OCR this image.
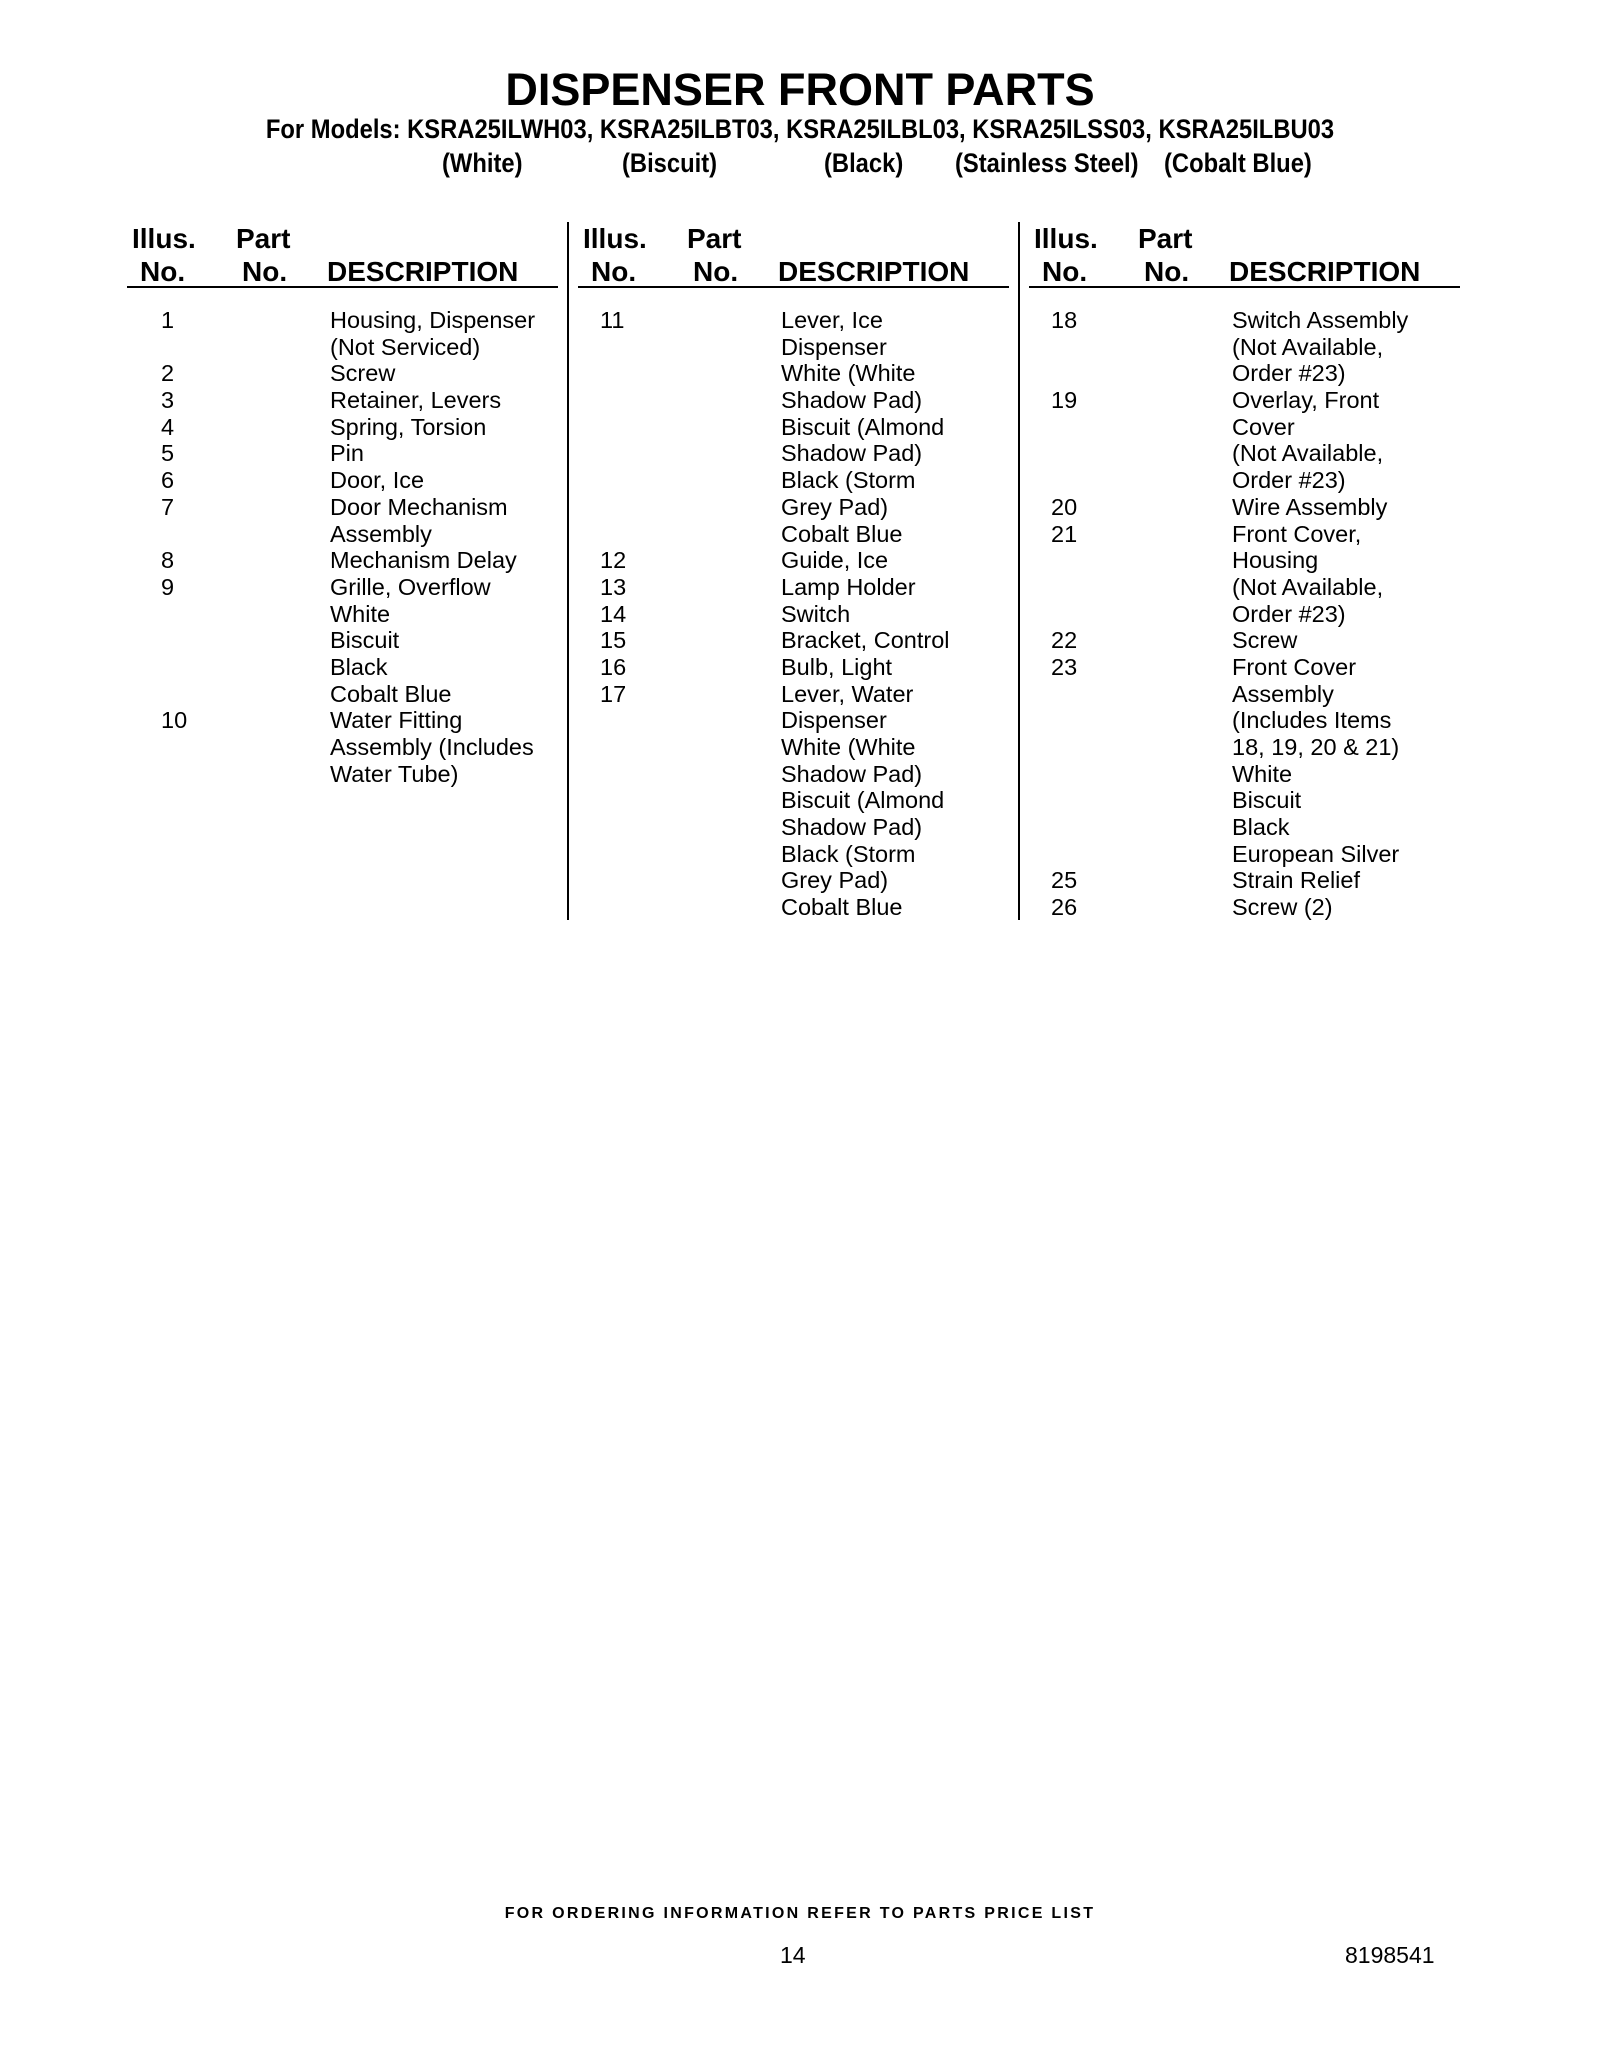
DISPENSER FRONT PARTS
For Models: KSRA25ILWH03, KSRA25ILBT03, KSRA25ILBL03, KSRA25ILSS03, KSRA25ILBU03
(White)	(Biscuit)	(Black) (Stainless Steel) (Cobalt Blue)
Illus.
No.
Part
No. DESCRIPTION
Illus.
No.
Part
No. DESCRIPTION
Illus.
No.
Part
No. DESCRIPTION
1	Housing, Dispenser
(Not Serviced)
2	Screw
3	Retainer, Levers
4	Spring, Torsion
5	Pin
6	Door, Ice
7	Door Mechanism
Assembly
8	Mechanism Delay
9	Grille, Overflow
White
Biscuit
Black
Cobalt Blue
10	Water Fitting
Assembly (Includes
Water Tube)
11	Lever, Ice
Dispenser
White (White
Shadow Pad)
Biscuit (Almond
Shadow Pad)
Black (Storm
Grey Pad)
Cobalt Blue
12	Guide, Ice
13	Lamp Holder
14	Switch
15	Bracket, Control
16	Bulb, Light
17	Lever, Water
Dispenser
White (White
Shadow Pad)
Biscuit (Almond
Shadow Pad)
Black (Storm
Grey Pad)
Cobalt Blue
18	Switch Assembly
(Not Available,
Order #23)
19	Overlay, Front
Cover
(Not Available,
Order #23)
20	Wire Assembly
21	Front Cover,
Housing
(Not Available,
Order #23)
22	Screw
23	Front Cover
Assembly
(Includes Items
18, 19, 20 & 21)
White
Biscuit
Black
European Silver
25	Strain Relief
26	Screw (2)
FOR ORDERING INFORMATION REFER TO PARTS PRICE LIST
14	8198541
